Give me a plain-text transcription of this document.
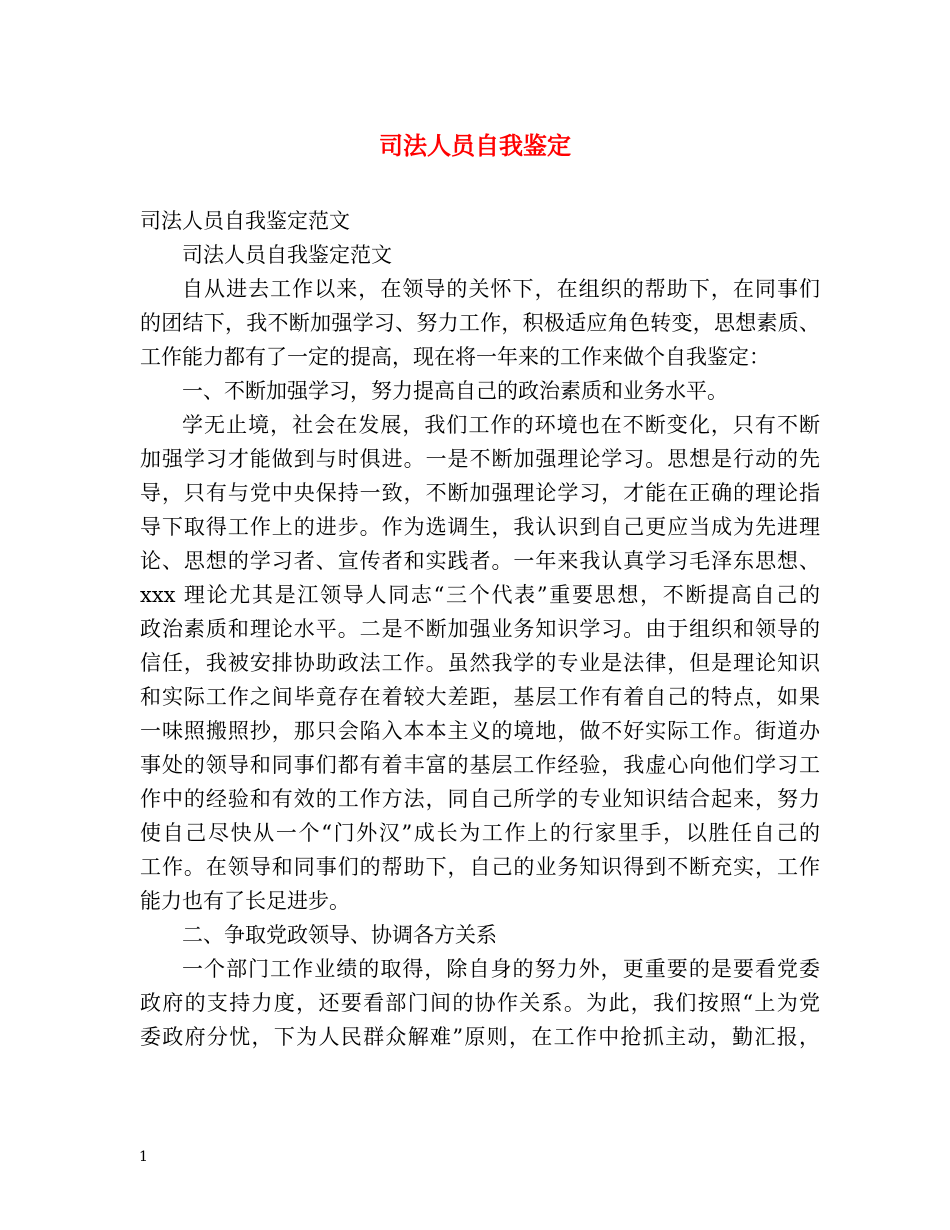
司法人员自我鉴定

司法人员自我鉴定范文

司法人员自我鉴定范文

自从进去工作以来，在领导的关怀下，在组织的帮助下，在同事们

的团结下，我不断加强学习、努力工作，积极适应角色转变，思想素质、

工作能力都有了一定的提高，现在将一年来的工作来做个自我鉴定：

一、不断加强学习，努力提高自己的政治素质和业务水平。

学无止境，社会在发展，我们工作的环境也在不断变化，只有不断

加强学习才能做到与时俱进。一是不断加强理论学习。思想是行动的先

导，只有与党中央保持一致，不断加强理论学习，才能在正确的理论指

导下取得工作上的进步。作为选调生，我认识到自己更应当成为先进理

论、思想的学习者、宣传者和实践者。一年来我认真学习毛泽东思想、

xxx 理论尤其是江领导人同志“三个代表”重要思想，不断提高自己的

政治素质和理论水平。二是不断加强业务知识学习。由于组织和领导的

信任，我被安排协助政法工作。虽然我学的专业是法律，但是理论知识

和实际工作之间毕竟存在着较大差距，基层工作有着自己的特点，如果

一味照搬照抄，那只会陷入本本主义的境地，做不好实际工作。街道办

事处的领导和同事们都有着丰富的基层工作经验，我虚心向他们学习工

作中的经验和有效的工作方法，同自己所学的专业知识结合起来，努力

使自己尽快从一个“门外汉”成长为工作上的行家里手，以胜任自己的

工作。在领导和同事们的帮助下，自己的业务知识得到不断充实，工作

能力也有了长足进步。

二、争取党政领导、协调各方关系

一个部门工作业绩的取得，除自身的努力外，更重要的是要看党委

政府的支持力度，还要看部门间的协作关系。为此，我们按照“上为党

委政府分忧，下为人民群众解难”原则，在工作中抢抓主动，勤汇报，

1
